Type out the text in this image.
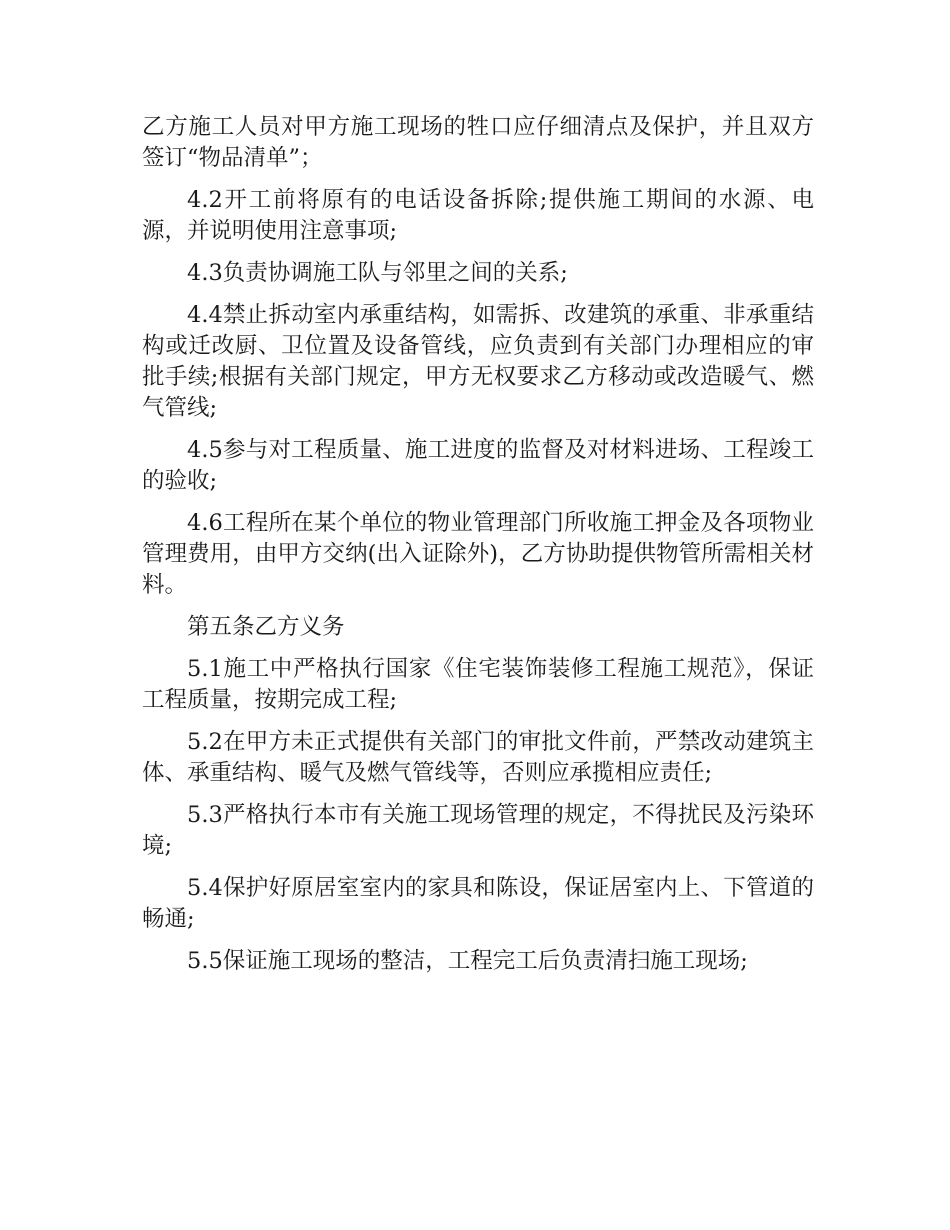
乙方施工人员对甲方施工现场的牲口应仔细清点及保护，并且双方签订“物品清单”；

4.2开工前将原有的电话设备拆除;提供施工期间的水源、电源，并说明使用注意事项;

4.3负责协调施工队与邻里之间的关系;

4.4禁止拆动室内承重结构，如需拆、改建筑的承重、非承重结构或迁改厨、卫位置及设备管线，应负责到有关部门办理相应的审批手续;根据有关部门规定，甲方无权要求乙方移动或改造暖气、燃气管线;

4.5参与对工程质量、施工进度的监督及对材料进场、工程竣工的验收;

4.6工程所在某个单位的物业管理部门所收施工押金及各项物业管理费用，由甲方交纳(出入证除外)，乙方协助提供物管所需相关材料。

第五条乙方义务

5.1施工中严格执行国家《住宅装饰装修工程施工规范》，保证工程质量，按期完成工程;

5.2在甲方未正式提供有关部门的审批文件前，严禁改动建筑主体、承重结构、暖气及燃气管线等，否则应承揽相应责任;

5.3严格执行本市有关施工现场管理的规定，不得扰民及污染环境;

5.4保护好原居室室内的家具和陈设，保证居室内上、下管道的畅通;

5.5保证施工现场的整洁，工程完工后负责清扫施工现场;
